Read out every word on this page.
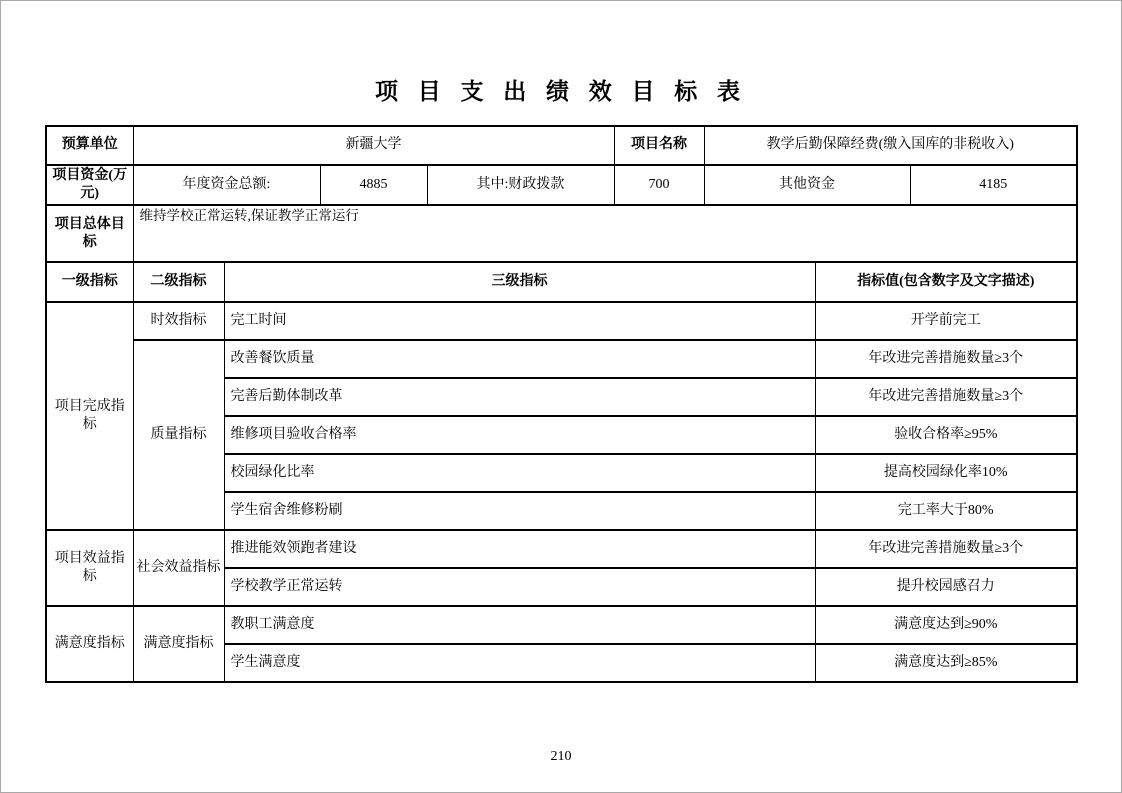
项 目 支 出 绩 效 目 标 表
预算单位	新疆大学				项目名称	教学后勤保障经费(缴入国库的非税收入)		
项目资金(万元)	年度资金总额:		4885	其中:财政拨款	700	其他资金		4185
项目总体目标	维持学校正常运转,保证教学正常运行							
一级指标	二级指标	三级指标					指标值(包含数字及文字描述)	
项目完成指标	时效指标	完工时间					开学前完工	
	质量指标	改善餐饮质量					年改进完善措施数量≥3个	
		完善后勤体制改革					年改进完善措施数量≥3个	
		维修项目验收合格率					验收合格率≥95%	
		校园绿化比率					提高校园绿化率10%	
		学生宿舍维修粉刷					完工率大于80%	
项目效益指标	社会效益指标	推进能效领跑者建设					年改进完善措施数量≥3个	
		学校教学正常运转					提升校园感召力	
满意度指标	满意度指标	教职工满意度					满意度达到≥90%	
		学生满意度					满意度达到≥85%	
210
